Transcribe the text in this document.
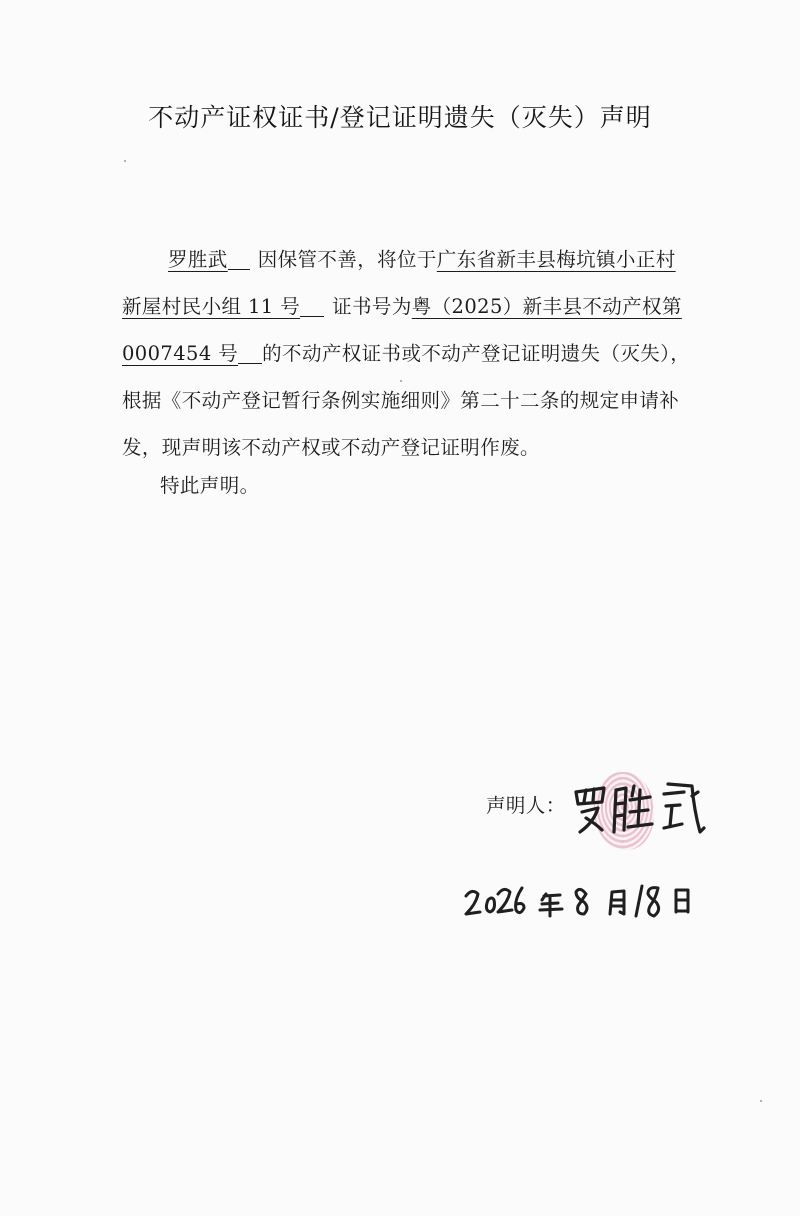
不动产证权证书/登记证明遗失（灭失）声明
罗胜武 因保管不善，将位于广东省新丰县梅坑镇小正村
新屋村民小组 11 号 证书号为粤（2025）新丰县不动产权第
0007454 号 的不动产权证书或不动产登记证明遗失（灭失），
根据《不动产登记暂行条例实施细则》第二十二条的规定申请补
发，现声明该不动产权或不动产登记证明作废。
特此声明。
声明人：
